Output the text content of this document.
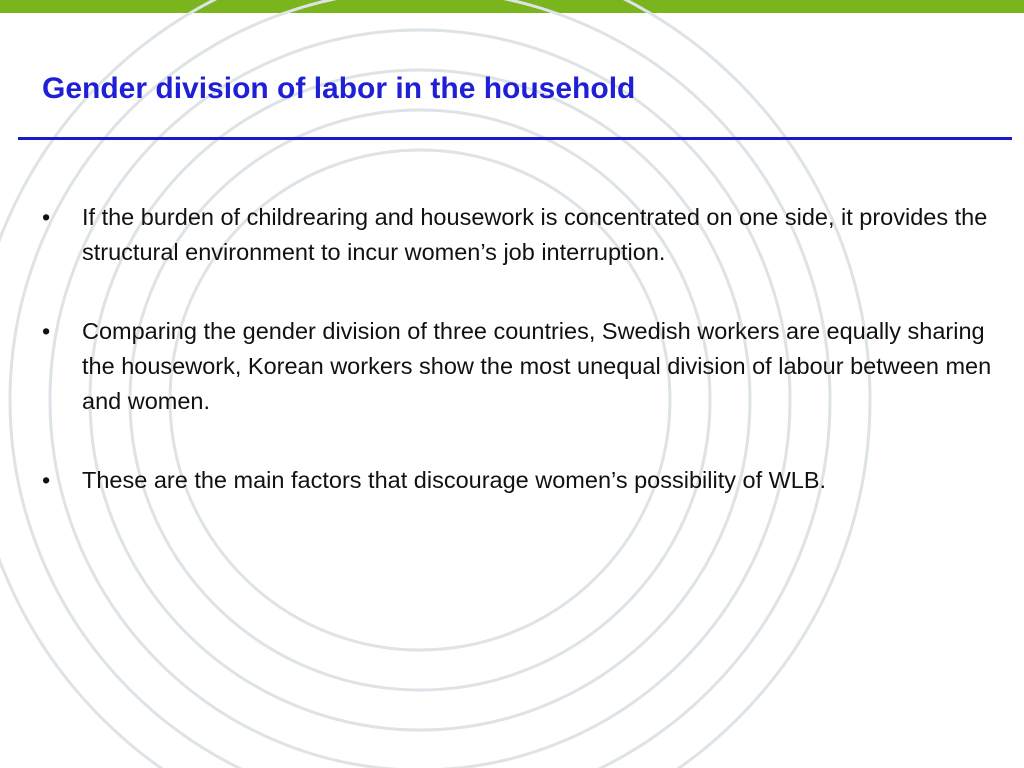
Gender division of labor in the household
• If the burden of childrearing and housework is concentrated on one side, it provides the structural environment to incur women’s job interruption.
• Comparing the gender division of three countries, Swedish workers are equally sharing the housework, Korean workers show the most unequal division of labour between men and women.
• These are the main factors that discourage women’s possibility of WLB.
